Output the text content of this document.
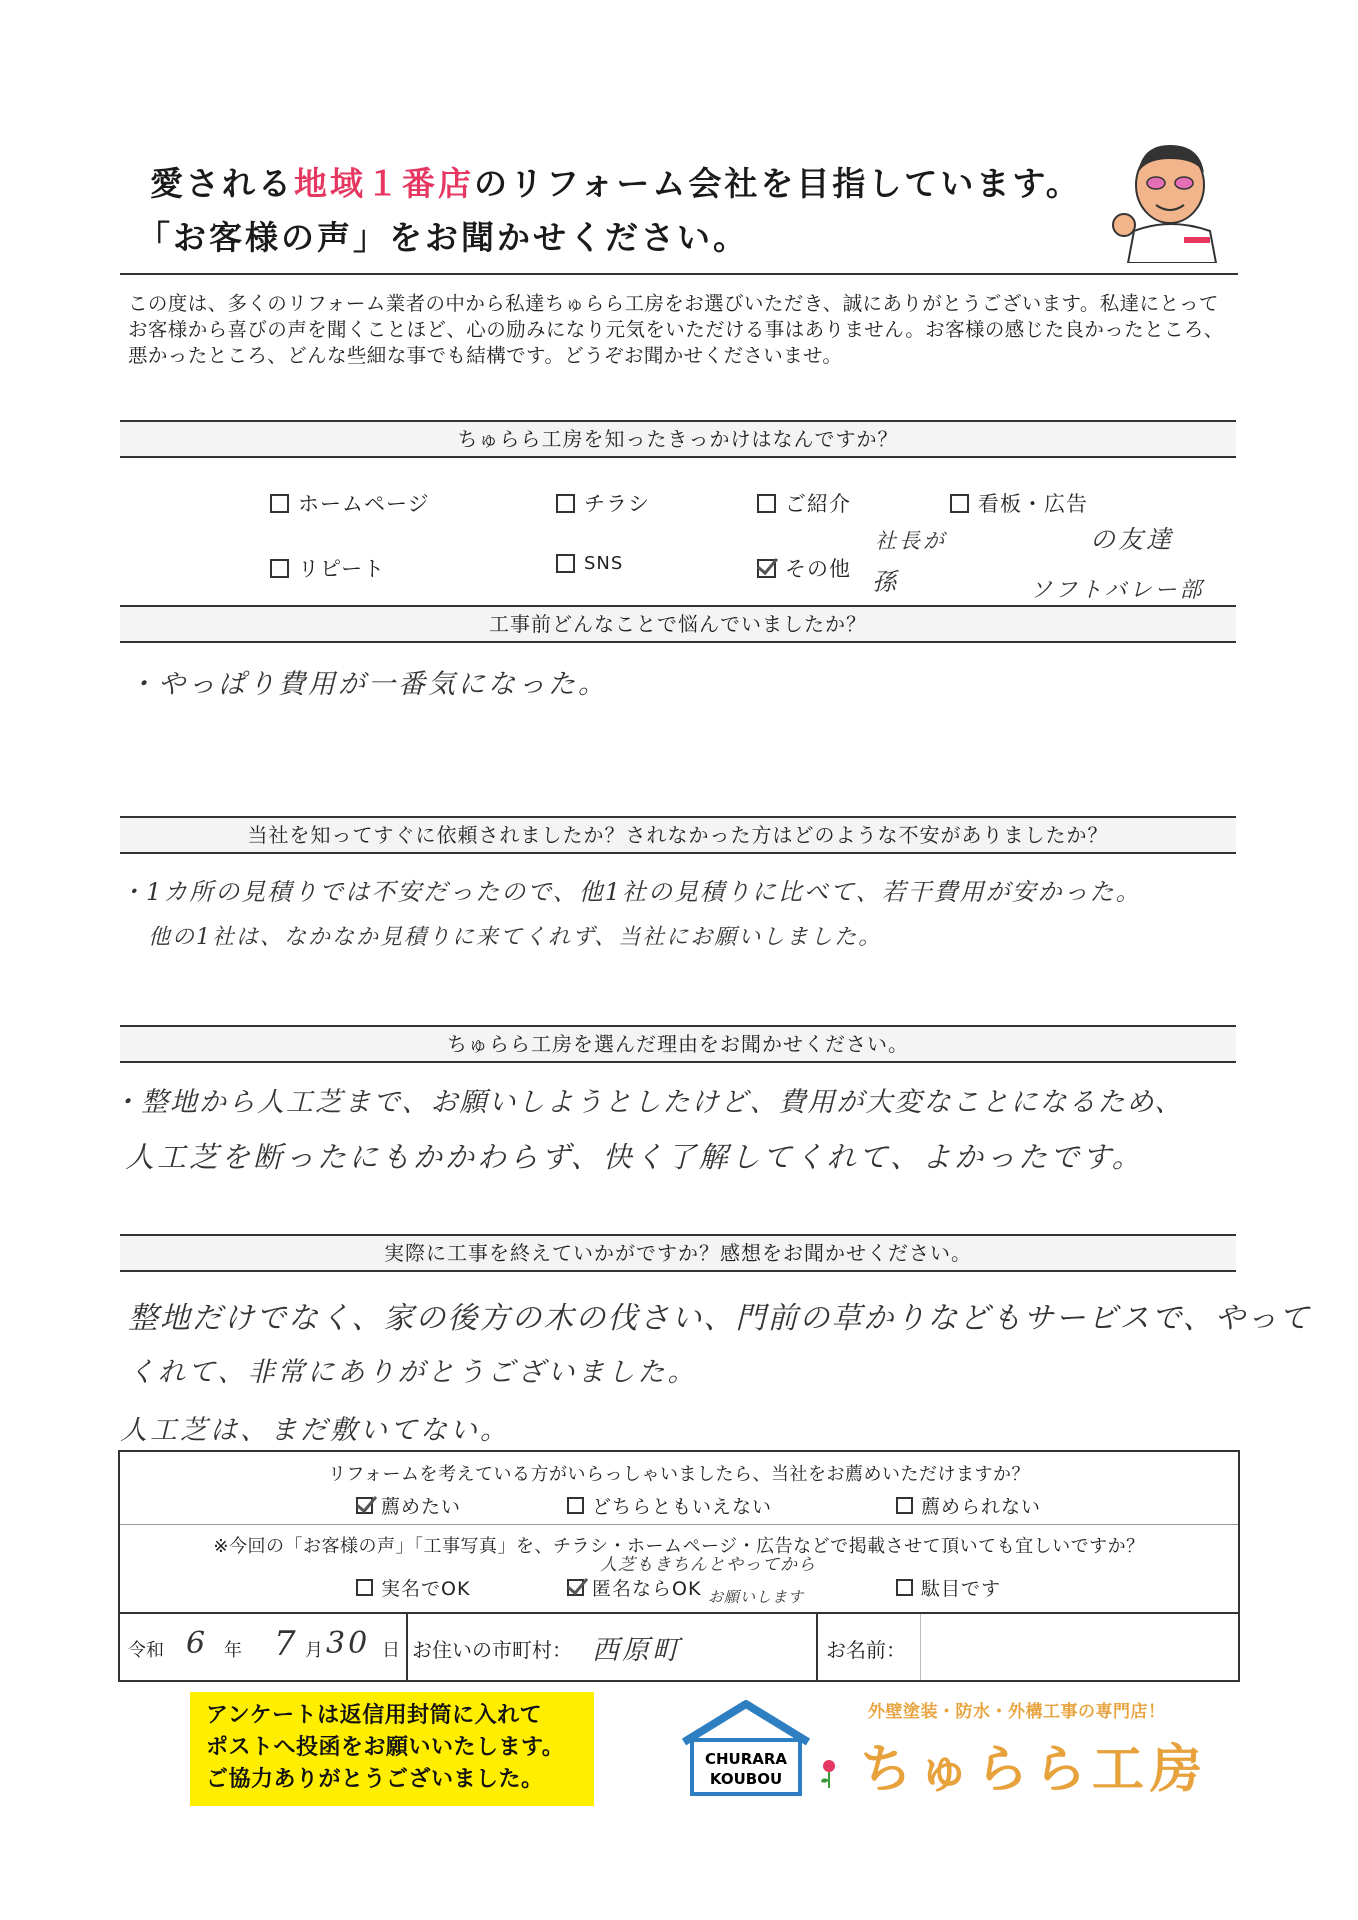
愛される地域１番店のリフォーム会社を目指しています。
「お客様の声」をお聞かせください。
この度は、多くのリフォーム業者の中から私達ちゅらら工房をお選びいただき、誠にありがとうございます。私達にとってお客様から喜びの声を聞くことほど、心の励みになり元気をいただける事はありません。お客様の感じた良かったところ、悪かったところ、どんな些細な事でも結構です。どうぞお聞かせくださいませ。
ちゅらら工房を知ったきっかけはなんですか？
ホームページ	チラシ	ご紹介	看板・広告
リピート	SNS	その他
社長が
孫
の友達
ソフトバレー部
工事前どんなことで悩んでいましたか？
・やっぱり費用が一番気になった。
当社を知ってすぐに依頼されましたか？されなかった方はどのような不安がありましたか？
・1カ所の見積りでは不安だったので、他1社の見積りに比べて、若干費用が安かった。
他の1社は、なかなか見積りに来てくれず、当社にお願いしました。
ちゅらら工房を選んだ理由をお聞かせください。
・整地から人工芝まで、お願いしようとしたけど、費用が大変なことになるため、
人工芝を断ったにもかかわらず、快く了解してくれて、よかったです。
実際に工事を終えていかがですか？感想をお聞かせください。
整地だけでなく、家の後方の木の伐さい、門前の草かりなどもサービスで、やって
くれて、非常にありがとうございました。
人工芝は、まだ敷いてない。
リフォームを考えている方がいらっしゃいましたら、当社をお薦めいただけますか？
薦めたい	どちらともいえない	薦められない
※今回の「お客様の声」「工事写真」を、チラシ・ホームページ・広告などで掲載させて頂いても宜しいですか？
実名でOK	匿名ならOK	駄目です
人芝もきちんとやってから
お願いします
令和 6 年 7 月 30 日 お住いの市町村： 西原町	お名前：
アンケートは返信用封筒に入れて
ポストへ投函をお願いいたします。
ご協力ありがとうございました。
CHURARA
KOUBOU
外壁塗装・防水・外構工事の専門店！
ちゅらら工房
